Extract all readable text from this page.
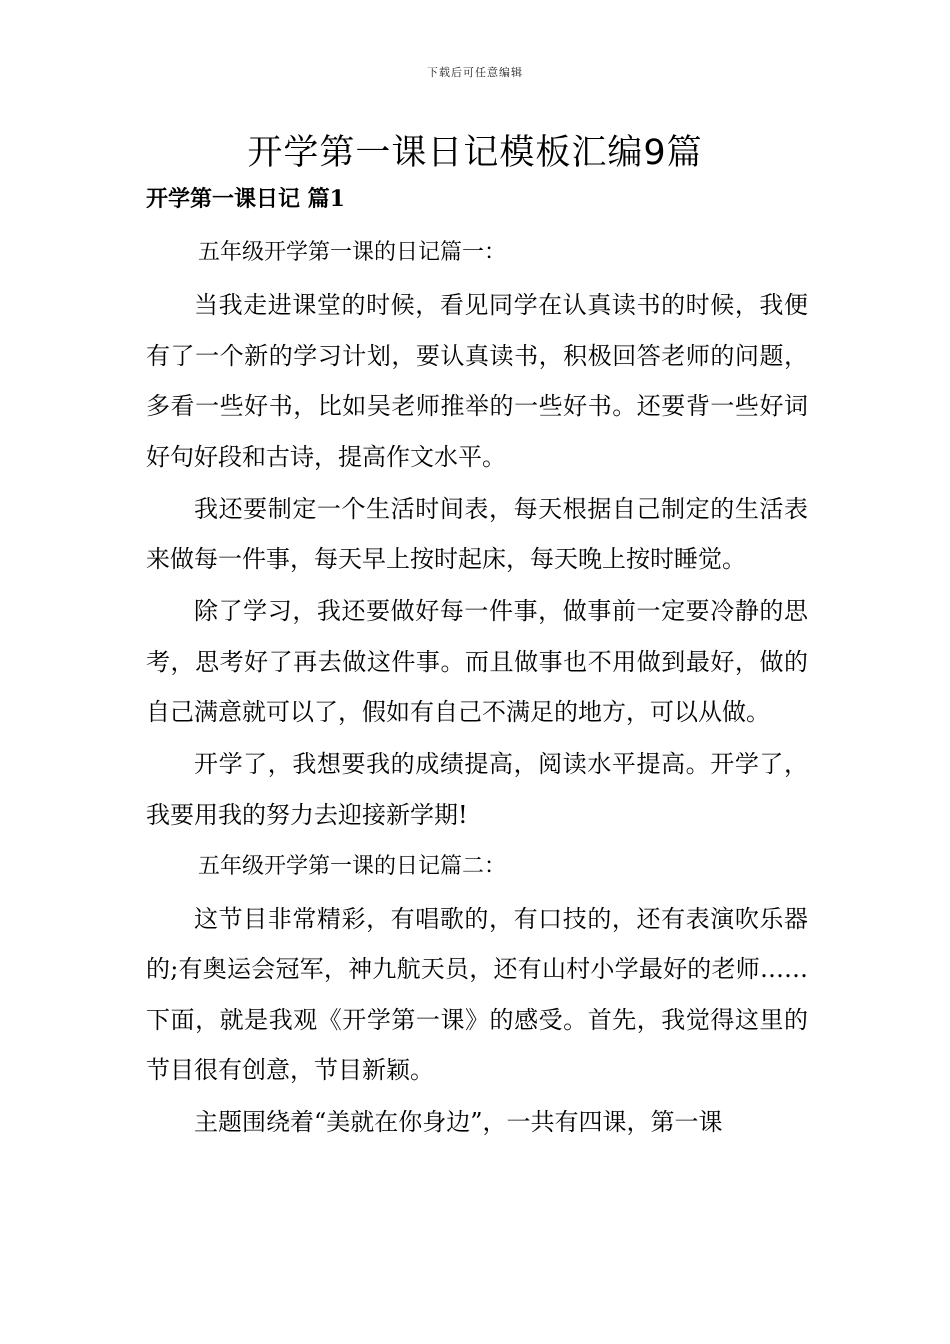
下载后可任意编辑
开学第一课日记模板汇编9篇
开学第一课日记 篇1

五年级开学第一课的日记篇一：

当我走进课堂的时候，看见同学在认真读书的时候，我便有了一个新的学习计划，要认真读书，积极回答老师的问题，多看一些好书，比如吴老师推举的一些好书。还要背一些好词好句好段和古诗，提高作文水平。

我还要制定一个生活时间表，每天根据自己制定的生活表来做每一件事，每天早上按时起床，每天晚上按时睡觉。

除了学习，我还要做好每一件事，做事前一定要冷静的思考，思考好了再去做这件事。而且做事也不用做到最好，做的自己满意就可以了，假如有自己不满足的地方，可以从做。

开学了，我想要我的成绩提高，阅读水平提高。开学了，我要用我的努力去迎接新学期!

五年级开学第一课的日记篇二：

这节目非常精彩，有唱歌的，有口技的，还有表演吹乐器的;有奥运会冠军，神九航天员，还有山村小学最好的老师……下面，就是我观《开学第一课》的感受。首先，我觉得这里的节目很有创意，节目新颖。

主题围绕着“美就在你身边”，一共有四课，第一课
